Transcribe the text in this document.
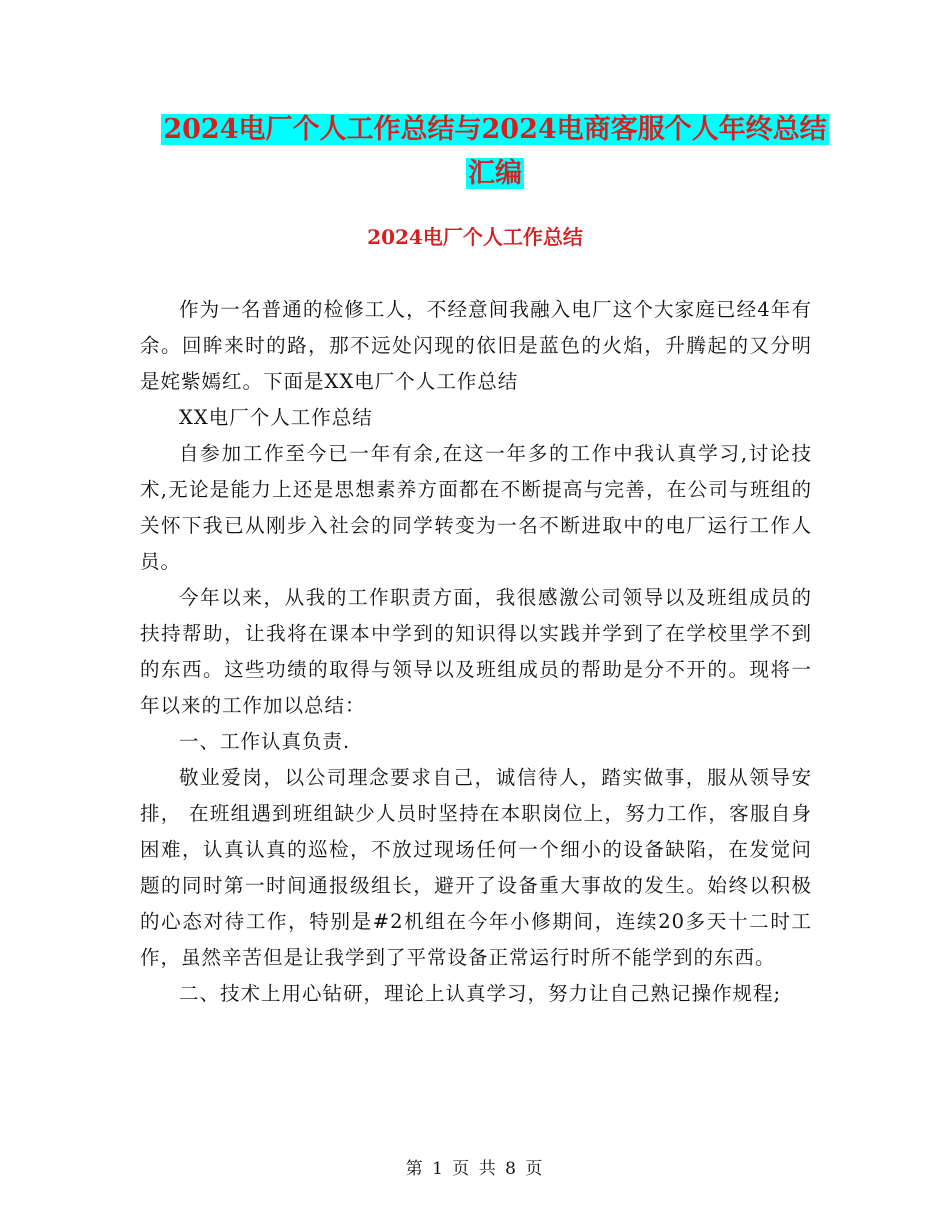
2024电厂个人工作总结与2024电商客服个人年终总结
汇编
2024电厂个人工作总结

作为一名普通的检修工人，不经意间我融入电厂这个大家庭已经4年有余。回眸来时的路，那不远处闪现的依旧是蓝色的火焰，升腾起的又分明是姹紫嫣红。下面是XX电厂个人工作总结

XX电厂个人工作总结

自参加工作至今已一年有余,在这一年多的工作中我认真学习,讨论技术,无论是能力上还是思想素养方面都在不断提高与完善，在公司与班组的关怀下我已从刚步入社会的同学转变为一名不断进取中的电厂运行工作人员。

今年以来，从我的工作职责方面，我很感激公司领导以及班组成员的扶持帮助，让我将在课本中学到的知识得以实践并学到了在学校里学不到的东西。这些功绩的取得与领导以及班组成员的帮助是分不开的。现将一年以来的工作加以总结：

一、工作认真负责.

敬业爱岗，以公司理念要求自己，诚信待人，踏实做事，服从领导安排， 在班组遇到班组缺少人员时坚持在本职岗位上，努力工作，客服自身困难，认真认真的巡检，不放过现场任何一个细小的设备缺陷，在发觉问题的同时第一时间通报级组长，避开了设备重大事故的发生。始终以积极的心态对待工作，特别是#2机组在今年小修期间，连续20多天十二时工作，虽然辛苦但是让我学到了平常设备正常运行时所不能学到的东西。

二、技术上用心钻研，理论上认真学习，努力让自己熟记操作规程;

第 1 页 共 8 页
